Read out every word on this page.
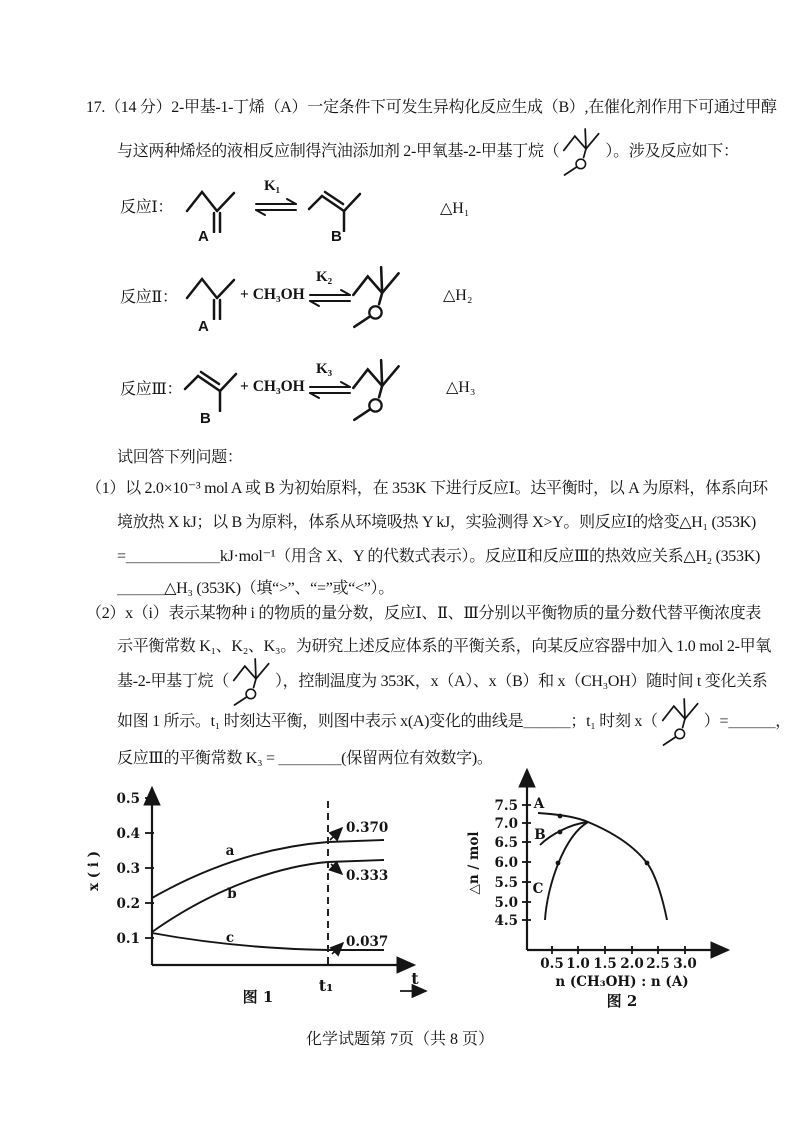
17.（14 分）2-甲基-1-丁烯（A）一定条件下可发生异构化反应生成（B）,在催化剂作用下可通过甲醇
与这两种烯烃的液相反应制得汽油添加剂 2-甲氧基-2-甲基丁烷（	）。涉及反应如下：
反应Ⅰ：
A
K₁
B
△H₁
反应Ⅱ：
A
+ CH₃OH
K₂
△H₂
反应Ⅲ：
B
+ CH₃OH
K₃
△H₃
试回答下列问题：
（1）以 2.0×10⁻³ mol A 或 B 为初始原料，在 353K 下进行反应Ⅰ。达平衡时，以 A 为原料，体系向环
境放热 X kJ；以 B 为原料，体系从环境吸热 Y kJ，实验测得 X>Y。则反应Ⅰ的焓变△H₁ (353K)
=＿＿＿＿＿＿kJ·mol⁻¹（用含 X、Y 的代数式表示）。反应Ⅱ和反应Ⅲ的热效应关系△H₂ (353K)
＿＿＿△H₃ (353K)（填“>”、“=”或“<”）。
（2）x（i）表示某物种 i 的物质的量分数，反应Ⅰ、Ⅱ、Ⅲ分别以平衡物质的量分数代替平衡浓度表
示平衡常数 K₁、K₂、K₃。为研究上述反应体系的平衡关系，向某反应容器中加入 1.0 mol 2-甲氧
基-2-甲基丁烷（	），控制温度为 353K，x（A）、x（B）和 x（CH₃OH）随时间 t 变化关系
如图 1 所示。t₁ 时刻达平衡，则图中表示 x(A)变化的曲线是＿＿＿；t₁ 时刻 x（	）=＿＿＿，
反应Ⅲ的平衡常数 K₃ = ＿＿＿＿(保留两位有效数字)。
0.5
0.4
0.3
0.2
0.1
x ( i )	a
b
c
0.370
0.333
0.037
t₁	t
图 1
7.5
7.0
6.5
6.0
5.5
5.0
4.5
△n / mol
0.5 1.0 1.5 2.0 2.5 3.0
A
B
C
n (CH₃OH) : n (A)
图 2
化学试题第 7页（共 8 页）
